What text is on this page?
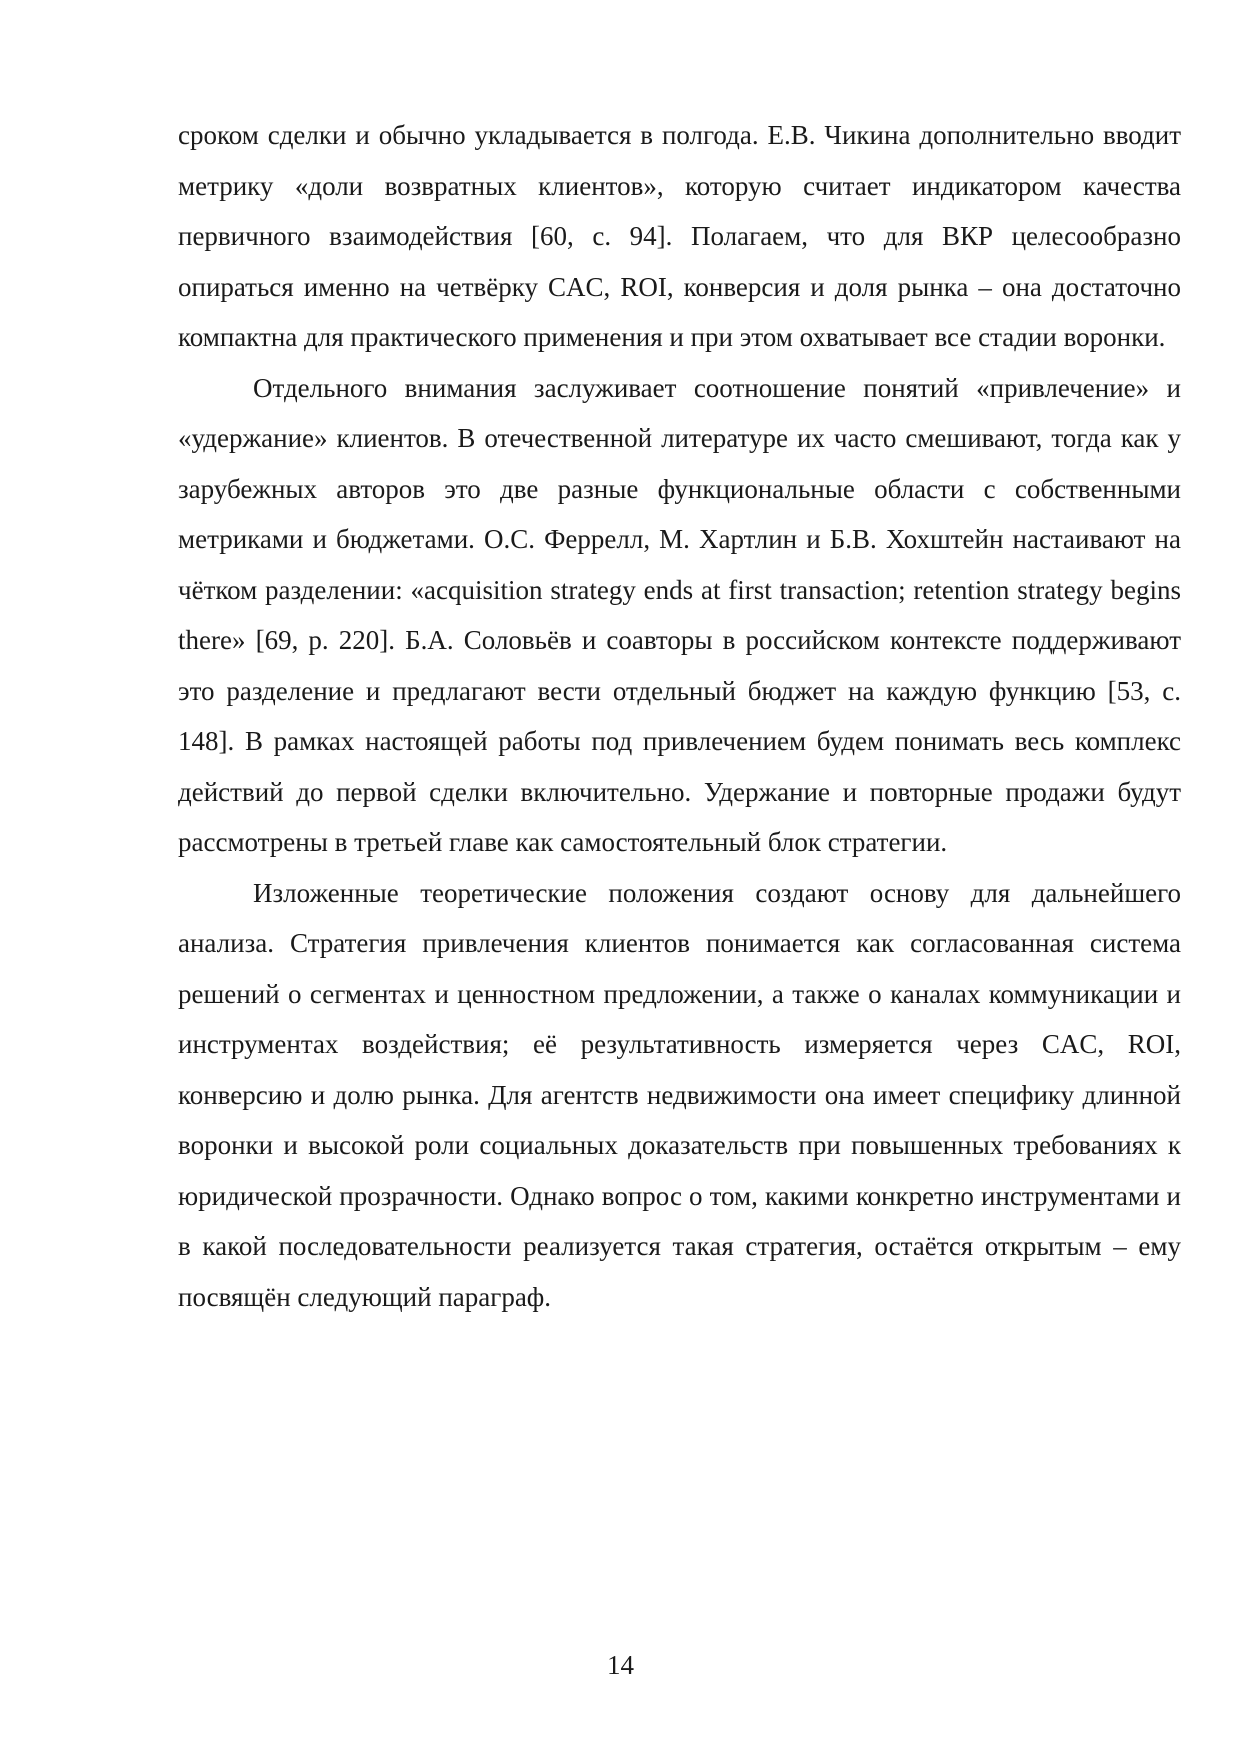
сроком сделки и обычно укладывается в полгода. Е.В. Чикина дополнительно вводит метрику «доли возвратных клиентов», которую считает индикатором качества первичного взаимодействия [60, с. 94]. Полагаем, что для ВКР целесообразно опираться именно на четвёрку CAC, ROI, конверсия и доля рынка – она достаточно компактна для практического применения и при этом охватывает все стадии воронки.

Отдельного внимания заслуживает соотношение понятий «привлечение» и «удержание» клиентов. В отечественной литературе их часто смешивают, тогда как у зарубежных авторов это две разные функциональные области с собственными метриками и бюджетами. О.С. Феррелл, М. Хартлин и Б.В. Хохштейн настаивают на чётком разделении: «acquisition strategy ends at first transaction; retention strategy begins there» [69, p. 220]. Б.А. Соловьёв и соавторы в российском контексте поддерживают это разделение и предлагают вести отдельный бюджет на каждую функцию [53, с. 148]. В рамках настоящей работы под привлечением будем понимать весь комплекс действий до первой сделки включительно. Удержание и повторные продажи будут рассмотрены в третьей главе как самостоятельный блок стратегии.

Изложенные теоретические положения создают основу для дальнейшего анализа. Стратегия привлечения клиентов понимается как согласованная система решений о сегментах и ценностном предложении, а также о каналах коммуникации и инструментах воздействия; её результативность измеряется через CAC, ROI, конверсию и долю рынка. Для агентств недвижимости она имеет специфику длинной воронки и высокой роли социальных доказательств при повышенных требованиях к юридической прозрачности. Однако вопрос о том, какими конкретно инструментами и в какой последовательности реализуется такая стратегия, остаётся открытым – ему посвящён следующий параграф.

14
